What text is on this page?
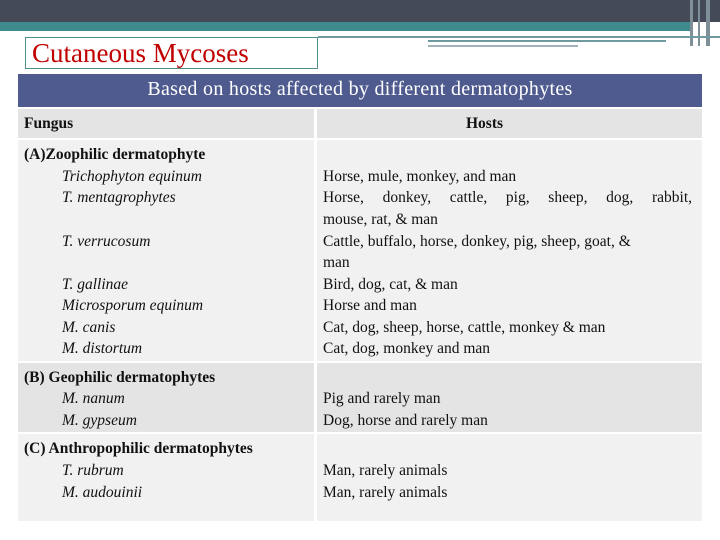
Cutaneous Mycoses
Based on hosts affected by different dermatophytes
Fungus	Hosts
(A)Zoophilic dermatophyte
Trichophyton equinum
T. mentagrophytes
T. verrucosum
T. gallinae
Microsporum equinum
M. canis
M. distortum
Horse, mule, monkey, and man
Horse, donkey, cattle, pig, sheep, dog, rabbit,
mouse, rat, & man
Cattle, buffalo, horse, donkey, pig, sheep, goat, &
man
Bird, dog, cat, & man
Horse and man
Cat, dog, sheep, horse, cattle, monkey & man
Cat, dog, monkey and man
(B) Geophilic dermatophytes
M. nanum
M. gypseum
Pig and rarely man
Dog, horse and rarely man
(C) Anthropophilic dermatophytes
T. rubrum
M. audouinii
Man, rarely animals
Man, rarely animals
